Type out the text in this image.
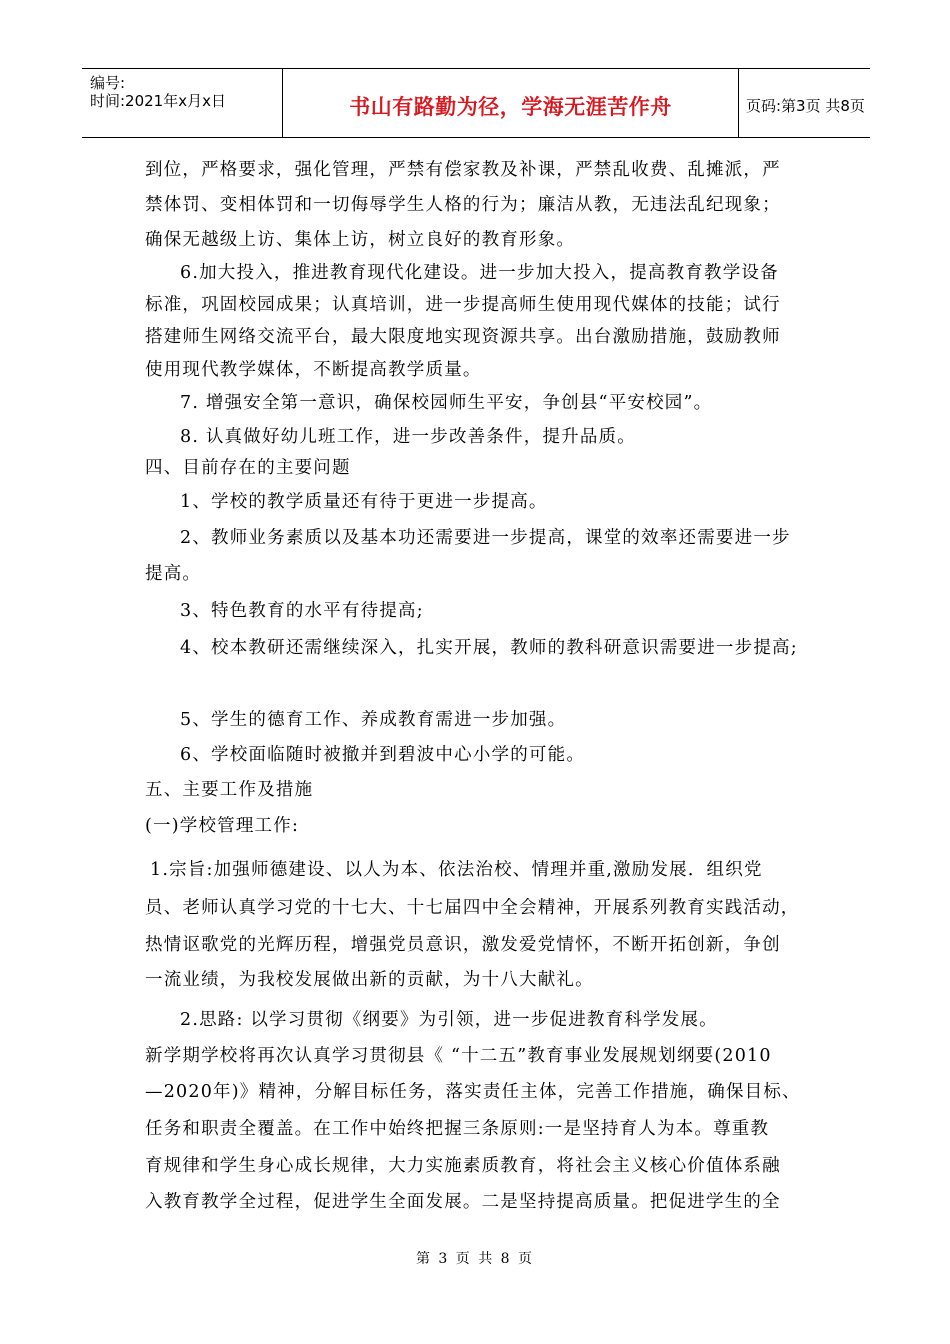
编号:
时间:2021年x月x日	书山有路勤为径，学海无涯苦作舟	页码:第3页 共8页
到位，严格要求，强化管理，严禁有偿家教及补课，严禁乱收费、乱摊派，严
禁体罚、变相体罚和一切侮辱学生人格的行为；廉洁从教，无违法乱纪现象；
确保无越级上访、集体上访，树立良好的教育形象。
6.加大投入，推进教育现代化建设。进一步加大投入，提高教育教学设备
标准，巩固校园成果；认真培训，进一步提高师生使用现代媒体的技能；试行
搭建师生网络交流平台，最大限度地实现资源共享。出台激励措施，鼓励教师
使用现代教学媒体，不断提高教学质量。
7. 增强安全第一意识，确保校园师生平安，争创县“平安校园”。
8. 认真做好幼儿班工作，进一步改善条件，提升品质。
四、目前存在的主要问题
1、学校的教学质量还有待于更进一步提高。
2、教师业务素质以及基本功还需要进一步提高，课堂的效率还需要进一步
提高。
3、特色教育的水平有待提高;
4、校本教研还需继续深入，扎实开展，教师的教科研意识需要进一步提高;
5、学生的德育工作、养成教育需进一步加强。
6、学校面临随时被撤并到碧波中心小学的可能。
五、主要工作及措施
(一)学校管理工作:
1.宗旨:加强师德建设、以人为本、依法治校、情理并重,激励发展．组织党
员、老师认真学习党的十七大、十七届四中全会精神，开展系列教育实践活动，
热情讴歌党的光辉历程，增强党员意识，激发爱党情怀，不断开拓创新，争创
一流业绩，为我校发展做出新的贡献，为十八大献礼。
2.思路: 以学习贯彻《纲要》为引领，进一步促进教育科学发展。
新学期学校将再次认真学习贯彻县《 “十二五”教育事业发展规划纲要(2010
—2020年)》精神，分解目标任务，落实责任主体，完善工作措施，确保目标、
任务和职责全覆盖。在工作中始终把握三条原则:一是坚持育人为本。尊重教
育规律和学生身心成长规律，大力实施素质教育，将社会主义核心价值体系融
入教育教学全过程，促进学生全面发展。二是坚持提高质量。把促进学生的全
第 3 页 共 8 页
